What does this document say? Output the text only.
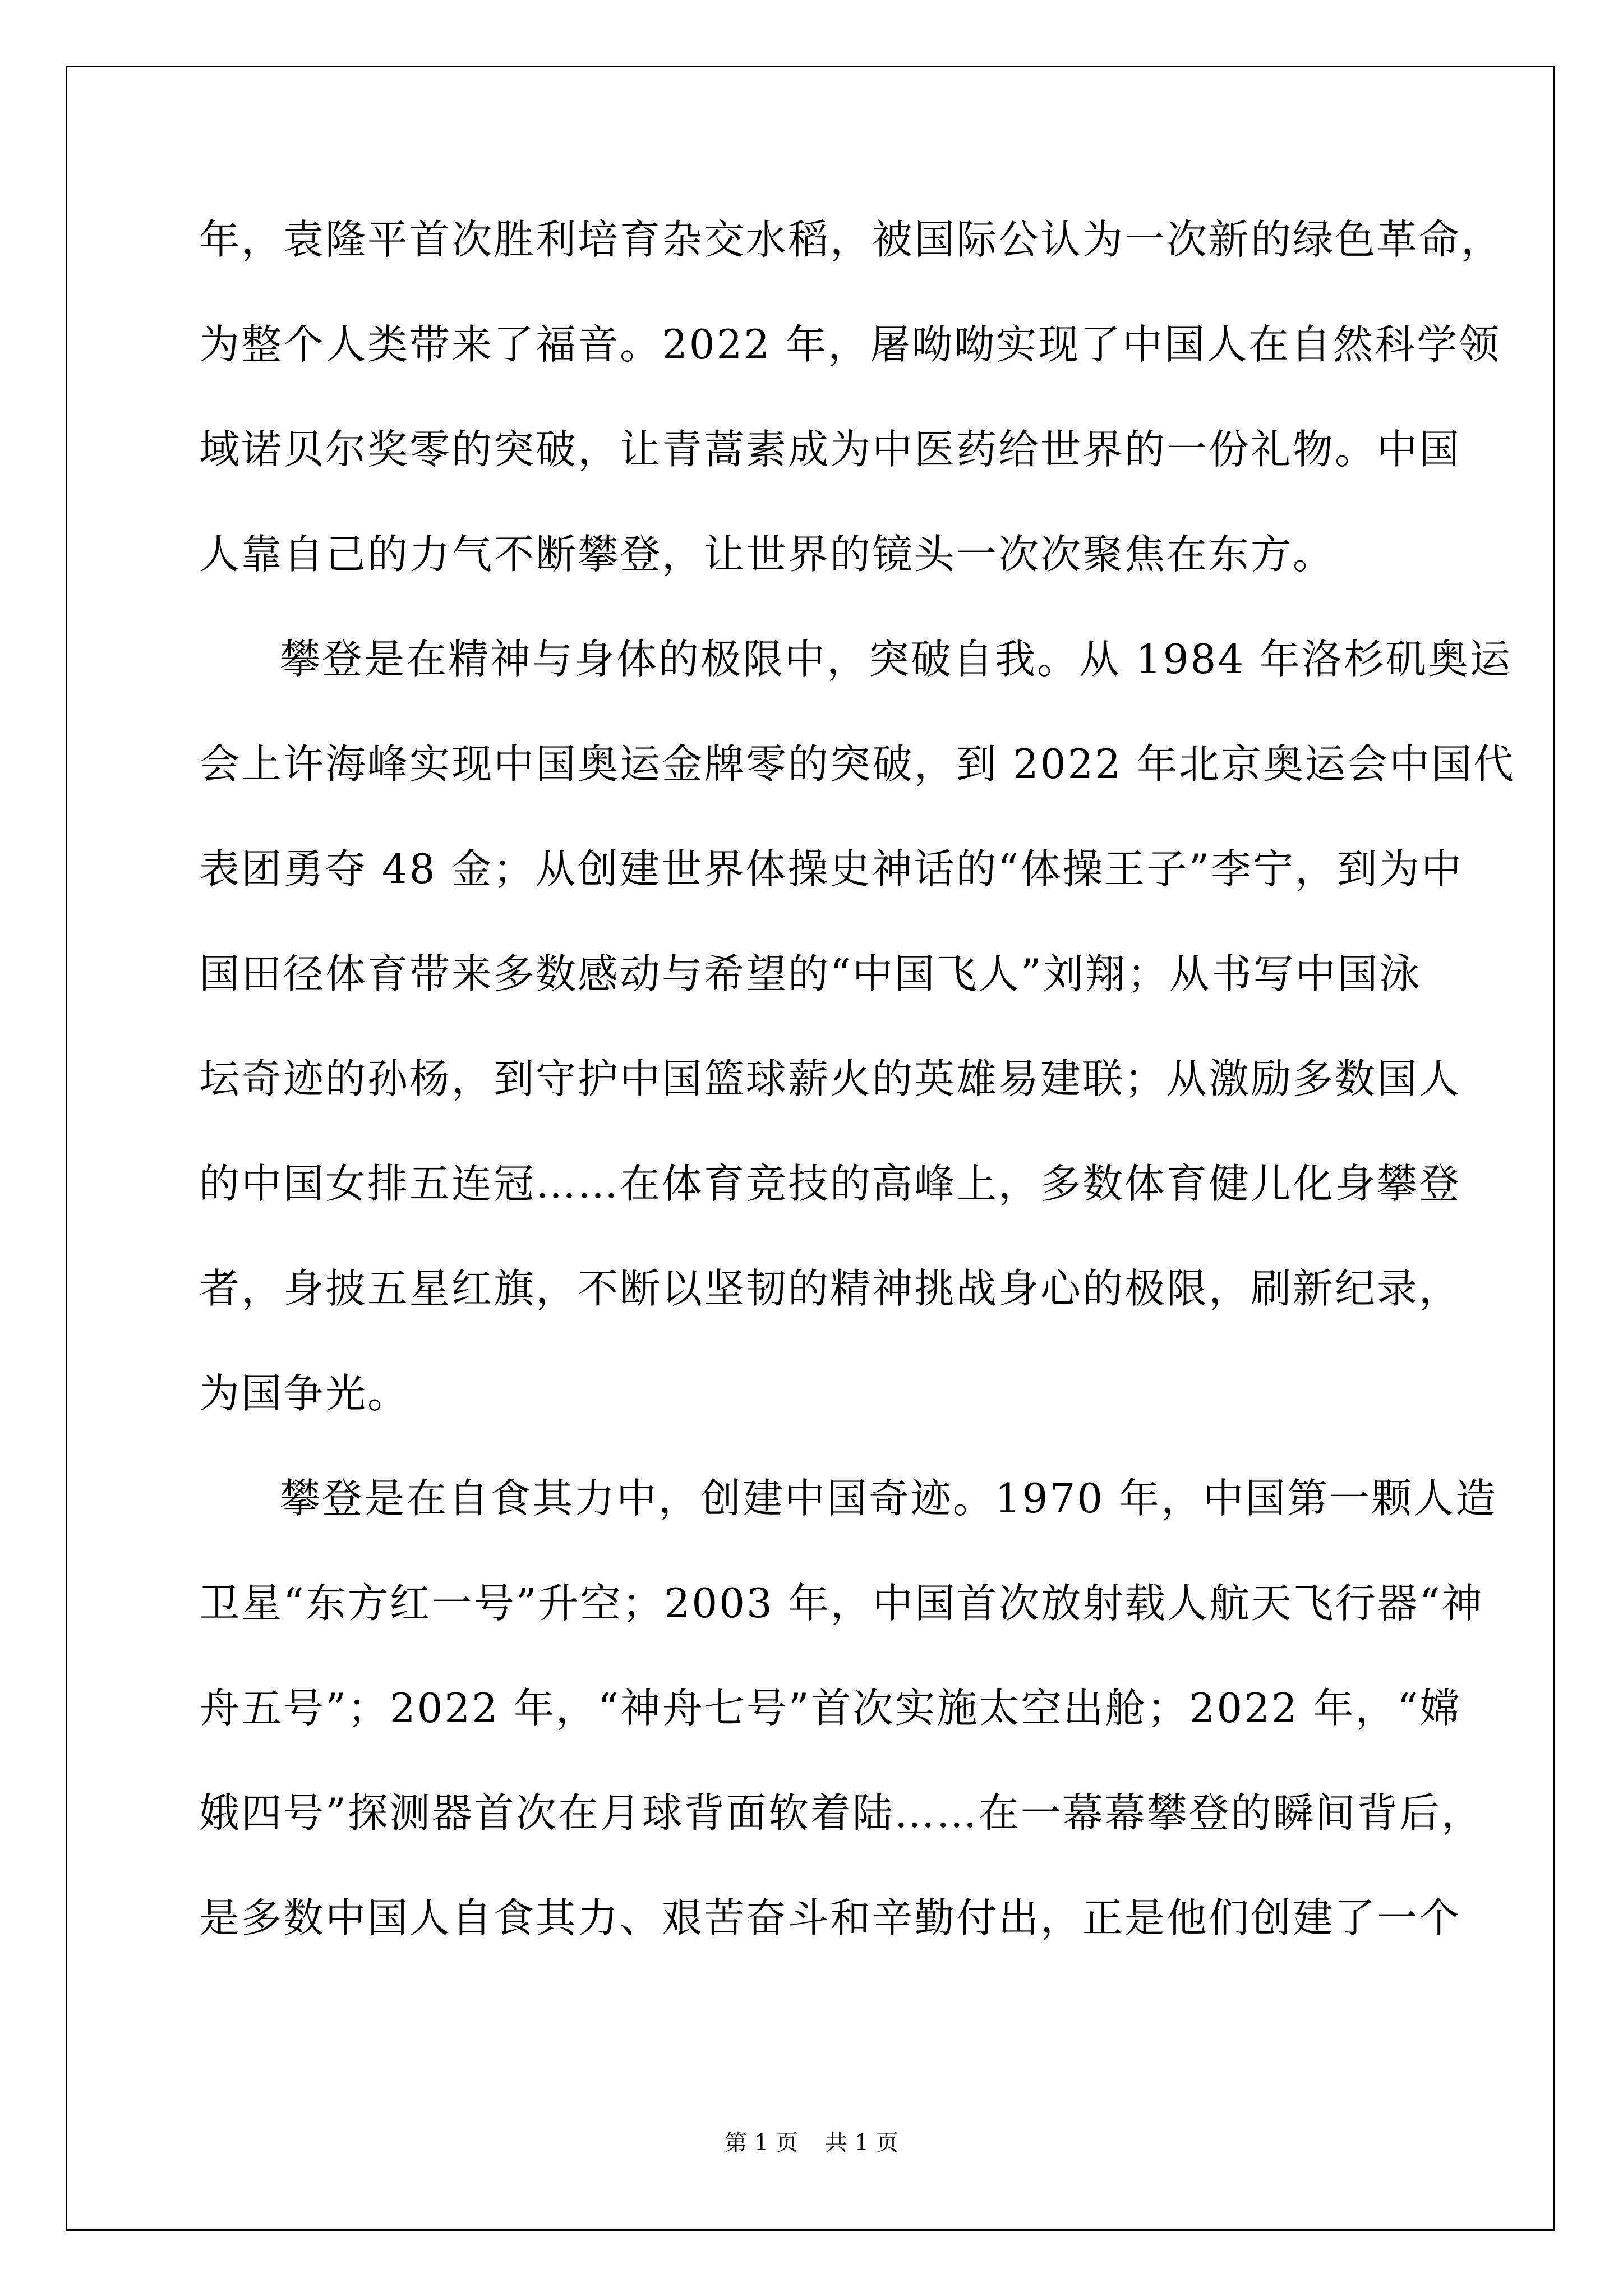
年，袁隆平首次胜利培育杂交水稻，被国际公认为一次新的绿色革命，
为整个人类带来了福音。2022 年，屠呦呦实现了中国人在自然科学领
域诺贝尔奖零的突破，让青蒿素成为中医药给世界的一份礼物。中国
人靠自己的力气不断攀登，让世界的镜头一次次聚焦在东方。
攀登是在精神与身体的极限中，突破自我。从 1984 年洛杉矶奥运
会上许海峰实现中国奥运金牌零的突破，到 2022 年北京奥运会中国代
表团勇夺 48 金；从创建世界体操史神话的“体操王子”李宁，到为中
国田径体育带来多数感动与希望的“中国飞人”刘翔；从书写中国泳
坛奇迹的孙杨，到守护中国篮球薪火的英雄易建联；从激励多数国人
的中国女排五连冠……在体育竞技的高峰上，多数体育健儿化身攀登
者，身披五星红旗，不断以坚韧的精神挑战身心的极限，刷新纪录，
为国争光。
攀登是在自食其力中，创建中国奇迹。1970 年，中国第一颗人造
卫星“东方红一号”升空；2003 年，中国首次放射载人航天飞行器“神
舟五号”；2022 年，“神舟七号”首次实施太空出舱；2022 年，“嫦
娥四号”探测器首次在月球背面软着陆……在一幕幕攀登的瞬间背后，
是多数中国人自食其力、艰苦奋斗和辛勤付出，正是他们创建了一个
第 1 页 共 1 页
